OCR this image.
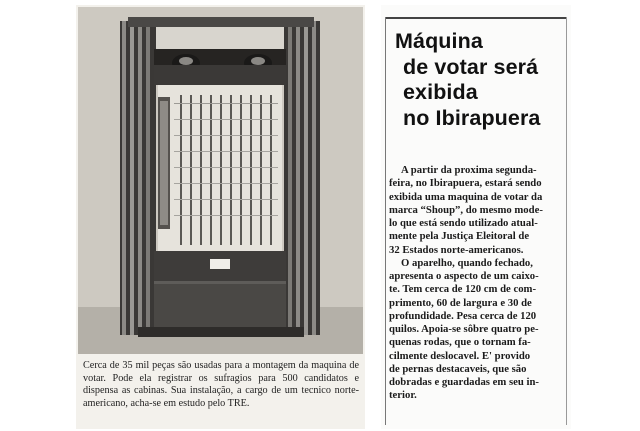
Cerca de 35 mil peças são usadas para a montagem da maquina de votar. Pode ela registrar os sufragios para 500 candidatos e dispensa as cabinas. Sua instalação, a cargo de um tecnico norte-americano, acha-se em estudo pelo TRE.
Máquina
de votar será
exibida
no Ibirapuera
A partir da proxima segunda-
feira, no Ibirapuera, estará sendo
exibida uma maquina de votar da
marca “Shoup”, do mesmo mode-
lo que está sendo utilizado atual-
mente pela Justiça Eleitoral de
32 Estados norte-americanos.
O aparelho, quando fechado,
apresenta o aspecto de um caixo-
te. Tem cerca de 120 cm de com-
primento, 60 de largura e 30 de
profundidade. Pesa cerca de 120
quilos. Apoia-se sôbre quatro pe-
quenas rodas, que o tornam fa-
cilmente deslocavel. E' provido
de pernas destacaveis, que são
dobradas e guardadas em seu in-
terior.
